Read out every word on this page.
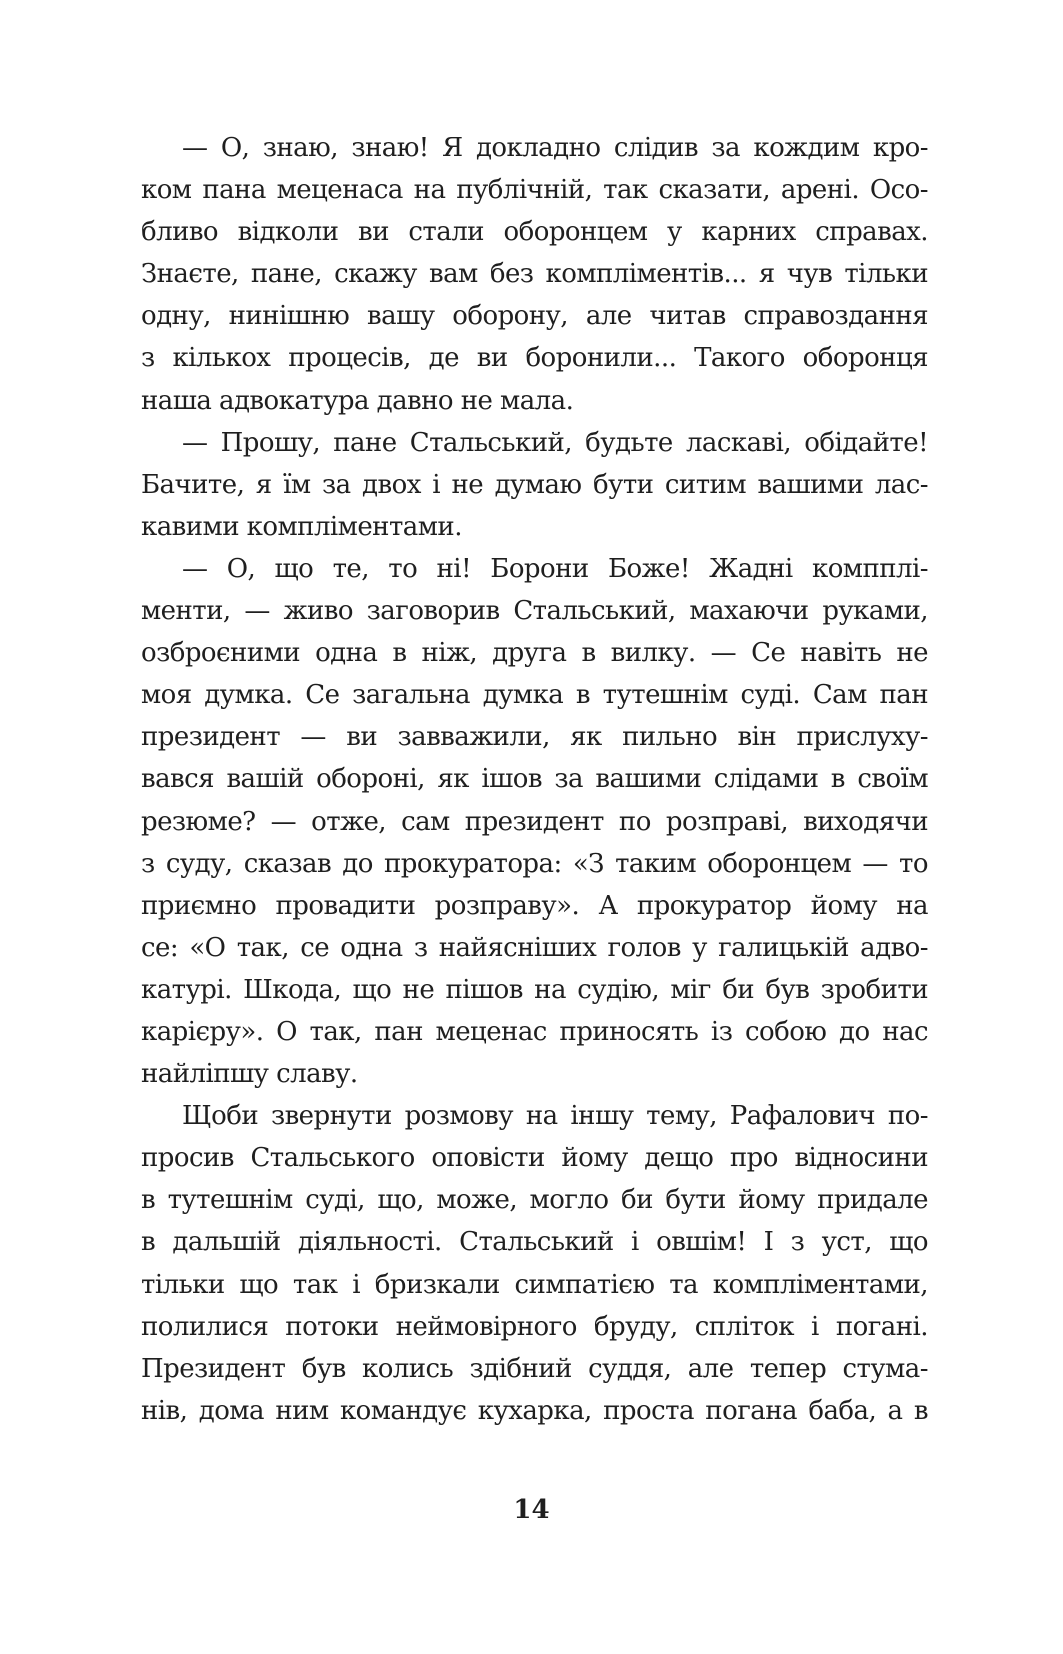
— О, знаю, знаю! Я докладно слідив за кождим кро-
ком пана меценаса на публічній, так сказати, арені. Осо-
бливо відколи ви стали оборонцем у карних справах.
Знаєте, пане, скажу вам без компліментів... я чув тільки
одну, нинішню вашу оборону, але читав справоздання
з кількох процесів, де ви боронили... Такого оборонця
наша адвокатура давно не мала.
— Прошу, пане Стальський, будьте ласкаві, обідайте!
Бачите, я їм за двох і не думаю бути ситим вашими лас-
кавими компліментами.
— О, що те, то ні! Борони Боже! Жадні компплі-
менти, — живо заговорив Стальський, махаючи руками,
озброєними одна в ніж, друга в вилку. — Се навіть не
моя думка. Се загальна думка в тутешнім суді. Сам пан
президент — ви завважили, як пильно він прислуху-
вався вашій обороні, як ішов за вашими слідами в своїм
резюме? — отже, сам президент по розправі, виходячи
з суду, сказав до прокуратора: «З таким оборонцем — то
приємно провадити розправу». А прокуратор йому на
се: «О так, се одна з найясніших голов у галицькій адво-
катурі. Шкода, що не пішов на судію, міг би був зробити
карієру». О так, пан меценас приносять із собою до нас
найліпшу славу.
Щоби звернути розмову на іншу тему, Рафалович по-
просив Стальського оповісти йому дещо про відносини
в тутешнім суді, що, може, могло би бути йому придале
в дальшій діяльності. Стальський і овшім! І з уст, що
тільки що так і бризкали симпатією та компліментами,
полилися потоки неймовірного бруду, спліток і погані.
Президент був колись здібний суддя, але тепер стума-
нів, дома ним командує кухарка, проста погана баба, а в
14
